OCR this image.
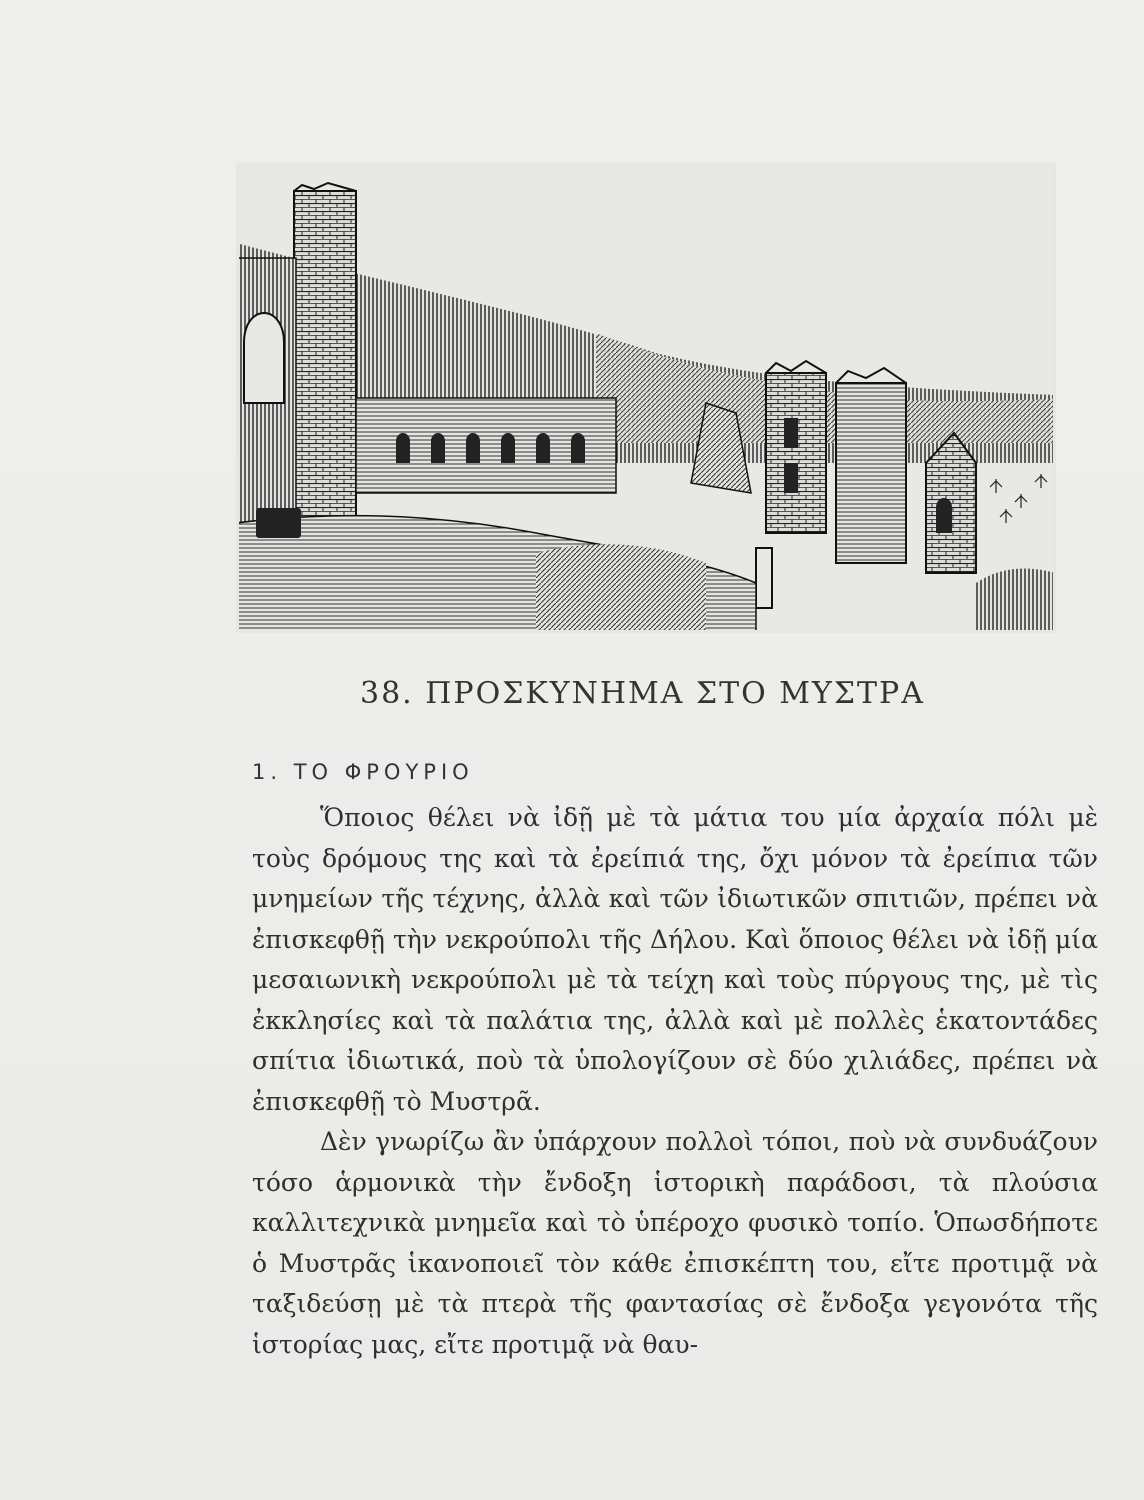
38. ΠΡΟΣΚΥΝΗΜΑ ΣΤΟ ΜΥΣΤΡΑ
1. ΤΟ ΦΡΟΥΡΙΟ

Ὅποιος θέλει νὰ ἰδῇ μὲ τὰ μάτια του μία ἀρχαία πόλι μὲ τοὺς δρόμους της καὶ τὰ ἐρείπιά της, ὄχι μόνον τὰ ἐρείπια τῶν μνημείων τῆς τέχνης, ἀλλὰ καὶ τῶν ἰδιωτικῶν σπιτιῶν, πρέπει νὰ ἐπισκεφθῇ τὴν νεκρούπολι τῆς Δήλου. Καὶ ὅποιος θέλει νὰ ἰδῇ μία μεσαιωνικὴ νεκρούπολι μὲ τὰ τείχη καὶ τοὺς πύργους της, μὲ τὶς ἐκκλησίες καὶ τὰ παλάτια της, ἀλλὰ καὶ μὲ πολλὲς ἑκατοντάδες σπίτια ἰδιωτικά, ποὺ τὰ ὑπολογίζουν σὲ δύο χιλιάδες, πρέπει νὰ ἐπισκεφθῇ τὸ Μυστρᾶ.

Δὲν γνωρίζω ἂν ὑπάρχουν πολλοὶ τόποι, ποὺ νὰ συνδυάζουν τόσο ἁρμονικὰ τὴν ἔνδοξη ἱστορικὴ παράδοσι, τὰ πλούσια καλλιτεχνικὰ μνημεῖα καὶ τὸ ὑπέροχο φυσικὸ τοπίο. Ὁπωσδήποτε ὁ Μυστρᾶς ἱκανοποιεῖ τὸν κάθε ἐπισκέπτη του, εἴτε προτιμᾷ νὰ ταξιδεύσῃ μὲ τὰ πτερὰ τῆς φαντασίας σὲ ἔνδοξα γεγονότα τῆς ἱστορίας μας, εἴτε προτιμᾷ νὰ θαυ-
